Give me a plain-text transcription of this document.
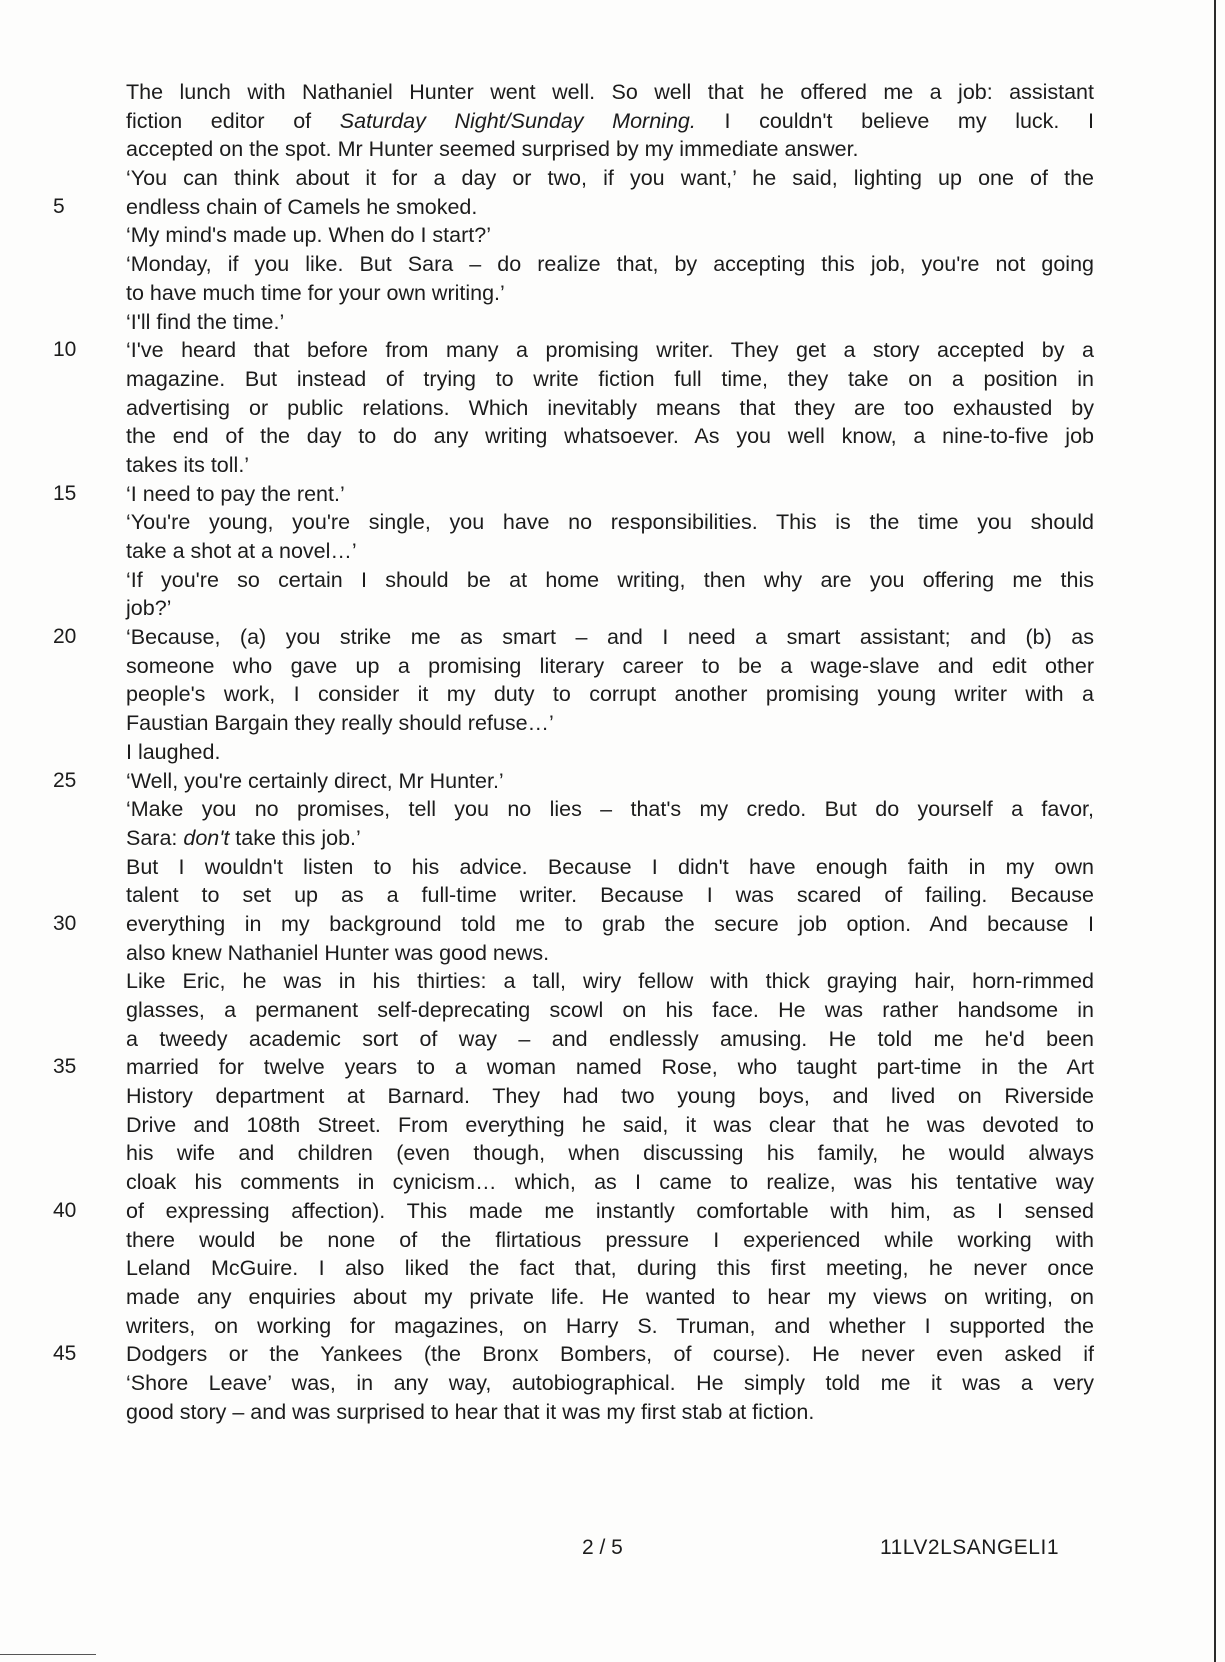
The lunch with Nathaniel Hunter went well. So well that he offered me a job: assistant
fiction editor of Saturday Night/Sunday Morning. I couldn't believe my luck. I
accepted on the spot. Mr Hunter seemed surprised by my immediate answer.
‘You can think about it for a day or two, if you want,’ he said, lighting up one of the
5	endless chain of Camels he smoked.
‘My mind's made up. When do I start?’
‘Monday, if you like. But Sara – do realize that, by accepting this job, you're not going
to have much time for your own writing.’
‘I'll find the time.’
10	‘I've heard that before from many a promising writer. They get a story accepted by a
magazine. But instead of trying to write fiction full time, they take on a position in
advertising or public relations. Which inevitably means that they are too exhausted by
the end of the day to do any writing whatsoever. As you well know, a nine-to-five job
takes its toll.’
15	‘I need to pay the rent.’
‘You're young, you're single, you have no responsibilities. This is the time you should
take a shot at a novel…’
‘If you're so certain I should be at home writing, then why are you offering me this
job?’
20	‘Because, (a) you strike me as smart – and I need a smart assistant; and (b) as
someone who gave up a promising literary career to be a wage-slave and edit other
people's work, I consider it my duty to corrupt another promising young writer with a
Faustian Bargain they really should refuse…’
I laughed.
25	‘Well, you're certainly direct, Mr Hunter.’
‘Make you no promises, tell you no lies – that's my credo. But do yourself a favor,
Sara: don't take this job.’
But I wouldn't listen to his advice. Because I didn't have enough faith in my own
talent to set up as a full-time writer. Because I was scared of failing. Because
30	everything in my background told me to grab the secure job option. And because I
also knew Nathaniel Hunter was good news.
Like Eric, he was in his thirties: a tall, wiry fellow with thick graying hair, horn-rimmed
glasses, a permanent self-deprecating scowl on his face. He was rather handsome in
a tweedy academic sort of way – and endlessly amusing. He told me he'd been
35	married for twelve years to a woman named Rose, who taught part-time in the Art
History department at Barnard. They had two young boys, and lived on Riverside
Drive and 108th Street. From everything he said, it was clear that he was devoted to
his wife and children (even though, when discussing his family, he would always
cloak his comments in cynicism… which, as I came to realize, was his tentative way
40	of expressing affection). This made me instantly comfortable with him, as I sensed
there would be none of the flirtatious pressure I experienced while working with
Leland McGuire. I also liked the fact that, during this first meeting, he never once
made any enquiries about my private life. He wanted to hear my views on writing, on
writers, on working for magazines, on Harry S. Truman, and whether I supported the
45	Dodgers or the Yankees (the Bronx Bombers, of course). He never even asked if
‘Shore Leave’ was, in any way, autobiographical. He simply told me it was a very
good story – and was surprised to hear that it was my first stab at fiction.
2 / 5	11LV2LSANGELI1
